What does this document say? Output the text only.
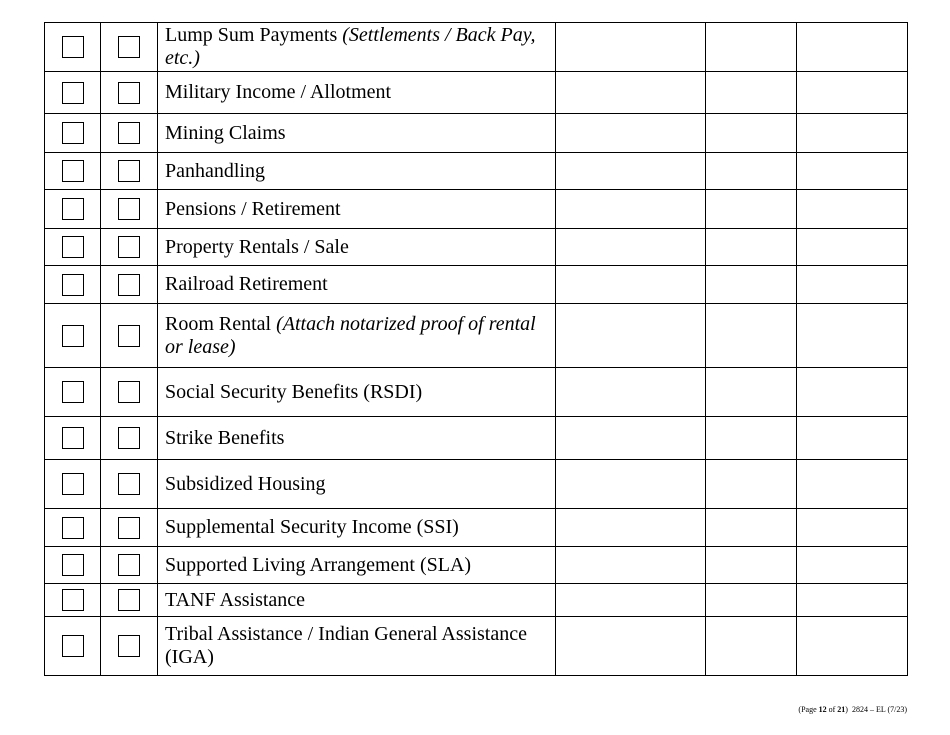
		Lump Sum Payments (Settlements / Back Pay, etc.)			
		Military Income / Allotment			
		Mining Claims			
		Panhandling			
		Pensions / Retirement			
		Property Rentals / Sale			
		Railroad Retirement			
		Room Rental (Attach notarized proof of rental or lease)			
		Social Security Benefits (RSDI)			
		Strike Benefits			
		Subsidized Housing			
		Supplemental Security Income (SSI)			
		Supported Living Arrangement (SLA)			
		TANF Assistance			
		Tribal Assistance / Indian General Assistance (IGA)			
(Page 12 of 21) 2824 – EL (7/23)
